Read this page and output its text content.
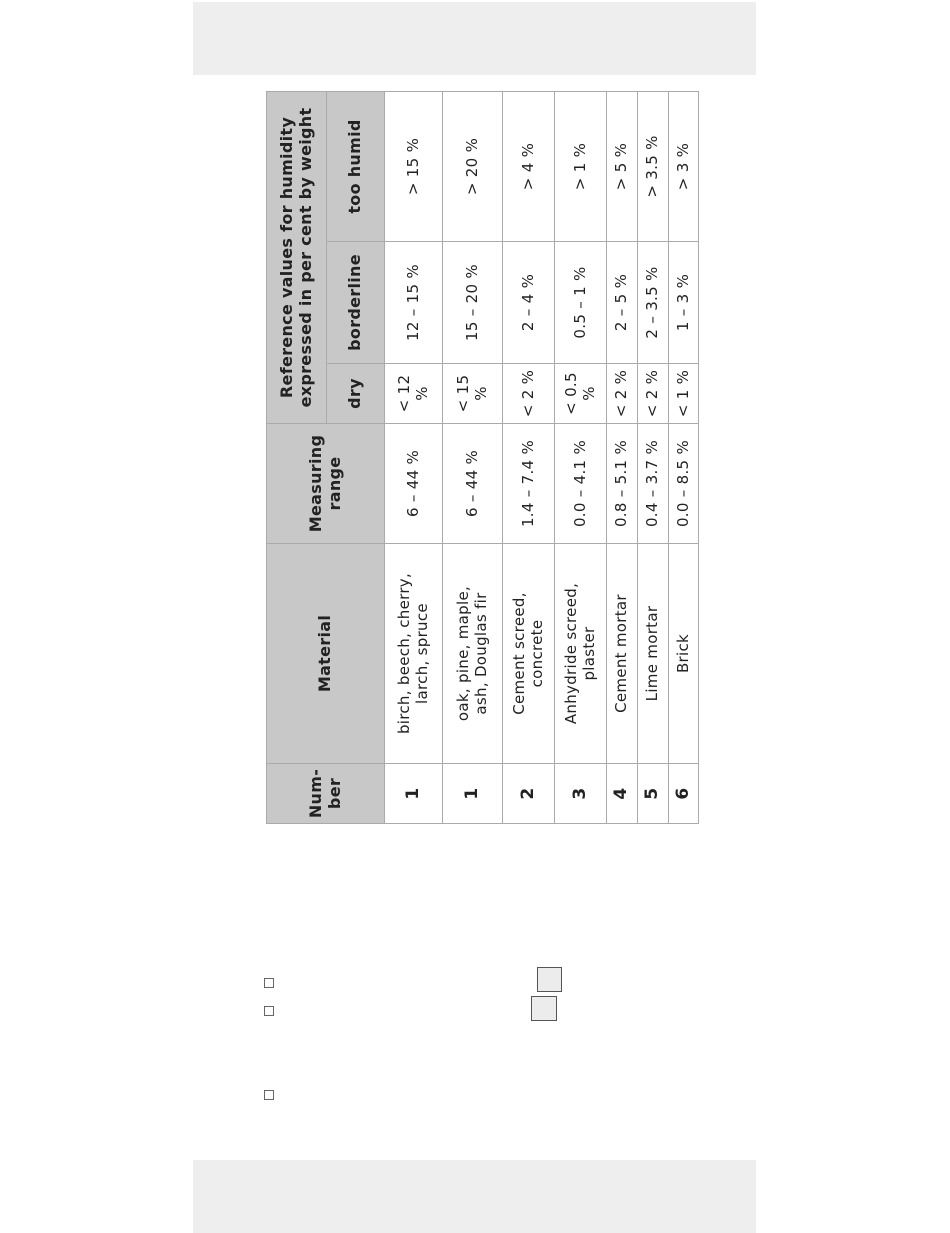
Num-
ber	Material	Measuring
range	Reference values for humidity
expressed in per cent by weight		
			dry	borderline	too humid
1	birch, beech, cherry,
larch, spruce	6 – 44 %	< 12 %	12 – 15 %	> 15 %
1	oak, pine, maple,
ash, Douglas fir	6 – 44 %	< 15 %	15 – 20 %	> 20 %
2	Cement screed,
concrete	1.4 – 7.4 %	< 2 %	2 – 4 %	> 4 %
3	Anhydride screed,
plaster	0.0 – 4.1 %	< 0.5 %	0.5 – 1 %	> 1 %
4	Cement mortar	0.8 – 5.1 %	< 2 %	2 – 5 %	> 5 %
5	Lime mortar	0.4 – 3.7 %	< 2 %	2 – 3.5 %	> 3.5 %
6	Brick	0.0 – 8.5 %	< 1 %	1 – 3 %	> 3 %
